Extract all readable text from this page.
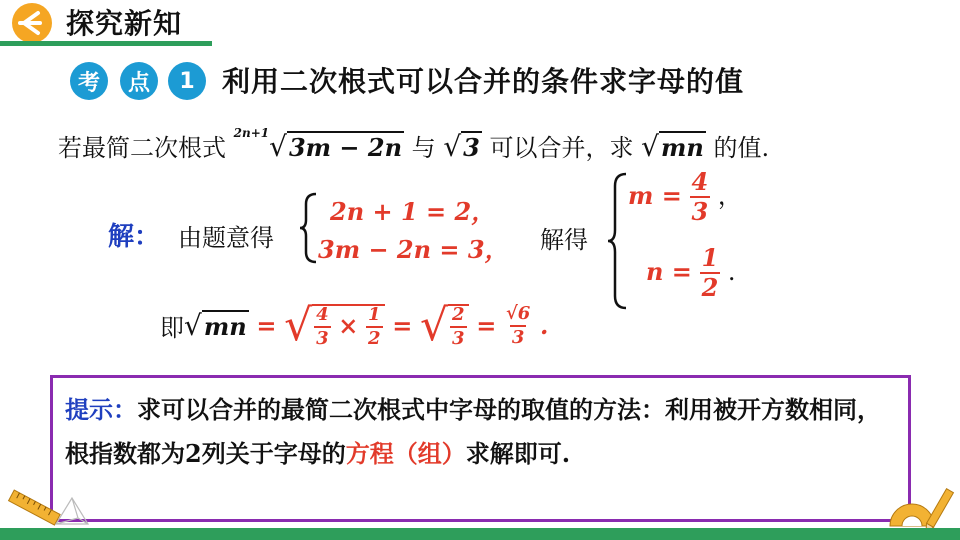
探究新知
考	点	1 利用二次根式可以合并的条件求字母的值
若最简二次根式 $^{2n+1}$√3m − 2n 与 √3 可以合并，求 √mn 的值.
解： 由题意得
2n + 1 = 2，
3m − 2n = 3， 解得
$m = \frac{4}{3}$ ，
$n = \frac{1}{2}$ .
即√mn = √ $\frac{4}{3} \times \frac{1}{2}$ = √ $\frac{2}{3} = \frac{√6}{3}$ .
提示：求可以合并的最简二次根式中字母的取值的方法：利用被开方数相同，根指数都为2列关于字母的方程（组）求解即可.
